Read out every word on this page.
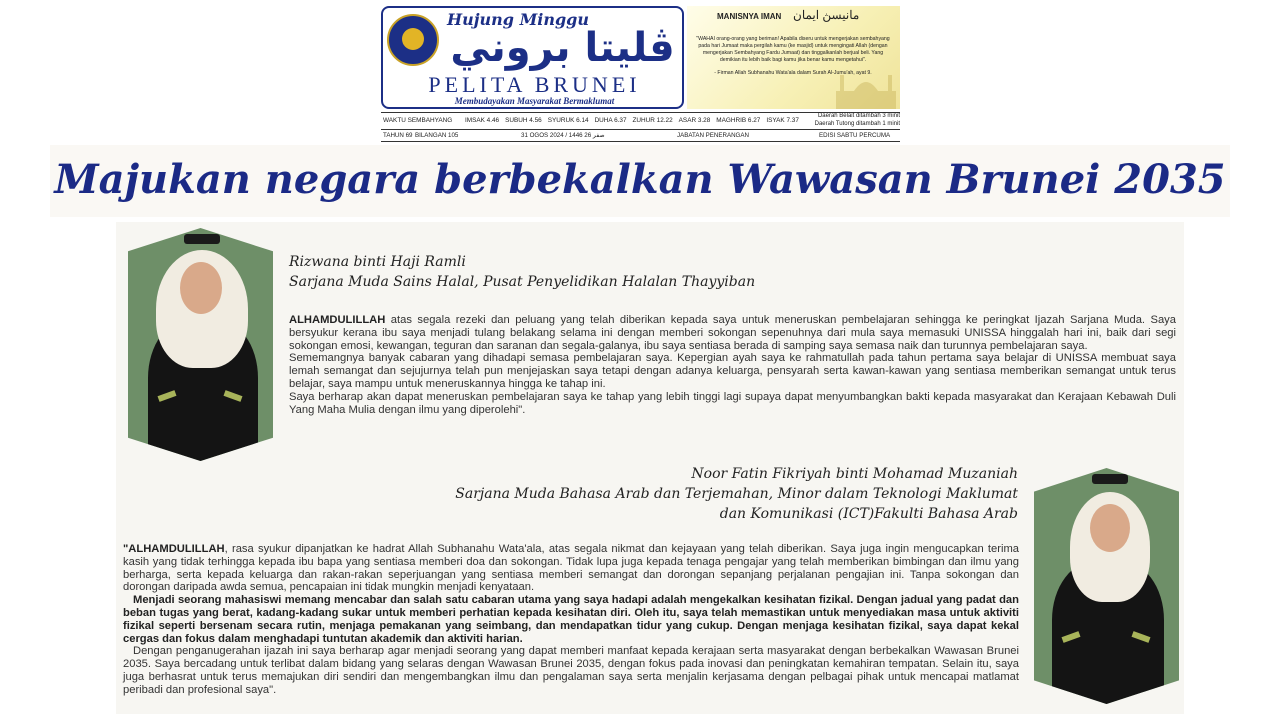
Hujung Minggu
ڤليتا بروني
PELITA BRUNEI
Membudayakan Masyarakat Bermaklumat
MANISNYA IMAN مانيسڽ ايمان
"WAHAI orang-orang yang beriman! Apabila diseru untuk mengerjakan sembahyang pada hari Jumaat maka pergilah kamu (ke masjid) untuk mengingati Allah (dengan mengerjakan Sembahyang Fardu Jumaat) dan tinggalkanlah berjual beli. Yang demikian itu lebih baik bagi kamu jika benar kamu mengetahui".
- Firman Allah Subhanahu Wata'ala dalam Surah Al-Jumu'ah, ayat 9.
WAKTU SEMBAHYANG IMSAK 4.46 SUBUH 4.56 SYURUK 6.14 DUHA 6.37 ZUHUR 12.22 ASAR 3.28 MAGHRIB 6.27 ISYAK 7.37
Daerah Belait ditambah 3 minit
Daerah Tutong ditambah 1 minit
TAHUN 69 BILANGAN 105	31 OGOS 2024 / 1446 صفر 26	JABATAN PENERANGAN	EDISI SABTU PERCUMA
Majukan negara berbekalkan Wawasan Brunei 2035
Rizwana binti Haji Ramli
Sarjana Muda Sains Halal, Pusat Penyelidikan Halalan Thayyiban

ALHAMDULILLAH atas segala rezeki dan peluang yang telah diberikan kepada saya untuk meneruskan pembelajaran sehingga ke peringkat Ijazah Sarjana Muda. Saya bersyukur kerana ibu saya menjadi tulang belakang selama ini dengan memberi sokongan sepenuhnya dari mula saya memasuki UNISSA hinggalah hari ini, baik dari segi sokongan emosi, kewangan, teguran dan saranan dan segala-galanya, ibu saya sentiasa berada di samping saya semasa naik dan turunnya pembelajaran saya.

Sememangnya banyak cabaran yang dihadapi semasa pembelajaran saya. Kepergian ayah saya ke rahmatullah pada tahun pertama saya belajar di UNISSA membuat saya lemah semangat dan sejujurnya telah pun menjejaskan saya tetapi dengan adanya keluarga, pensyarah serta kawan-kawan yang sentiasa memberikan semangat untuk terus belajar, saya mampu untuk meneruskannya hingga ke tahap ini.

Saya berharap akan dapat meneruskan pembelajaran saya ke tahap yang lebih tinggi lagi supaya dapat menyumbangkan bakti kepada masyarakat dan Kerajaan Kebawah Duli Yang Maha Mulia dengan ilmu yang diperolehi".

Noor Fatin Fikriyah binti Mohamad Muzaniah
Sarjana Muda Bahasa Arab dan Terjemahan, Minor dalam Teknologi Maklumat
dan Komunikasi (ICT)Fakulti Bahasa Arab

"ALHAMDULILLAH, rasa syukur dipanjatkan ke hadrat Allah Subhanahu Wata'ala, atas segala nikmat dan kejayaan yang telah diberikan. Saya juga ingin mengucapkan terima kasih yang tidak terhingga kepada ibu bapa yang sentiasa memberi doa dan sokongan. Tidak lupa juga kepada tenaga pengajar yang telah memberikan bimbingan dan ilmu yang berharga, serta kepada keluarga dan rakan-rakan seperjuangan yang sentiasa memberi semangat dan dorongan sepanjang perjalanan pengajian ini. Tanpa sokongan dan dorongan daripada awda semua, pencapaian ini tidak mungkin menjadi kenyataan.

Menjadi seorang mahasiswi memang mencabar dan salah satu cabaran utama yang saya hadapi adalah mengekalkan kesihatan fizikal. Dengan jadual yang padat dan beban tugas yang berat, kadang-kadang sukar untuk memberi perhatian kepada kesihatan diri. Oleh itu, saya telah memastikan untuk menyediakan masa untuk aktiviti fizikal seperti bersenam secara rutin, menjaga pemakanan yang seimbang, dan mendapatkan tidur yang cukup. Dengan menjaga kesihatan fizikal, saya dapat kekal cergas dan fokus dalam menghadapi tuntutan akademik dan aktiviti harian.

Dengan penganugerahan ijazah ini saya berharap agar menjadi seorang yang dapat memberi manfaat kepada kerajaan serta masyarakat dengan berbekalkan Wawasan Brunei 2035. Saya bercadang untuk terlibat dalam bidang yang selaras dengan Wawasan Brunei 2035, dengan fokus pada inovasi dan peningkatan kemahiran tempatan. Selain itu, saya juga berhasrat untuk terus memajukan diri sendiri dan mengembangkan ilmu dan pengalaman saya serta menjalin kerjasama dengan pelbagai pihak untuk mencapai matlamat peribadi dan profesional saya".
